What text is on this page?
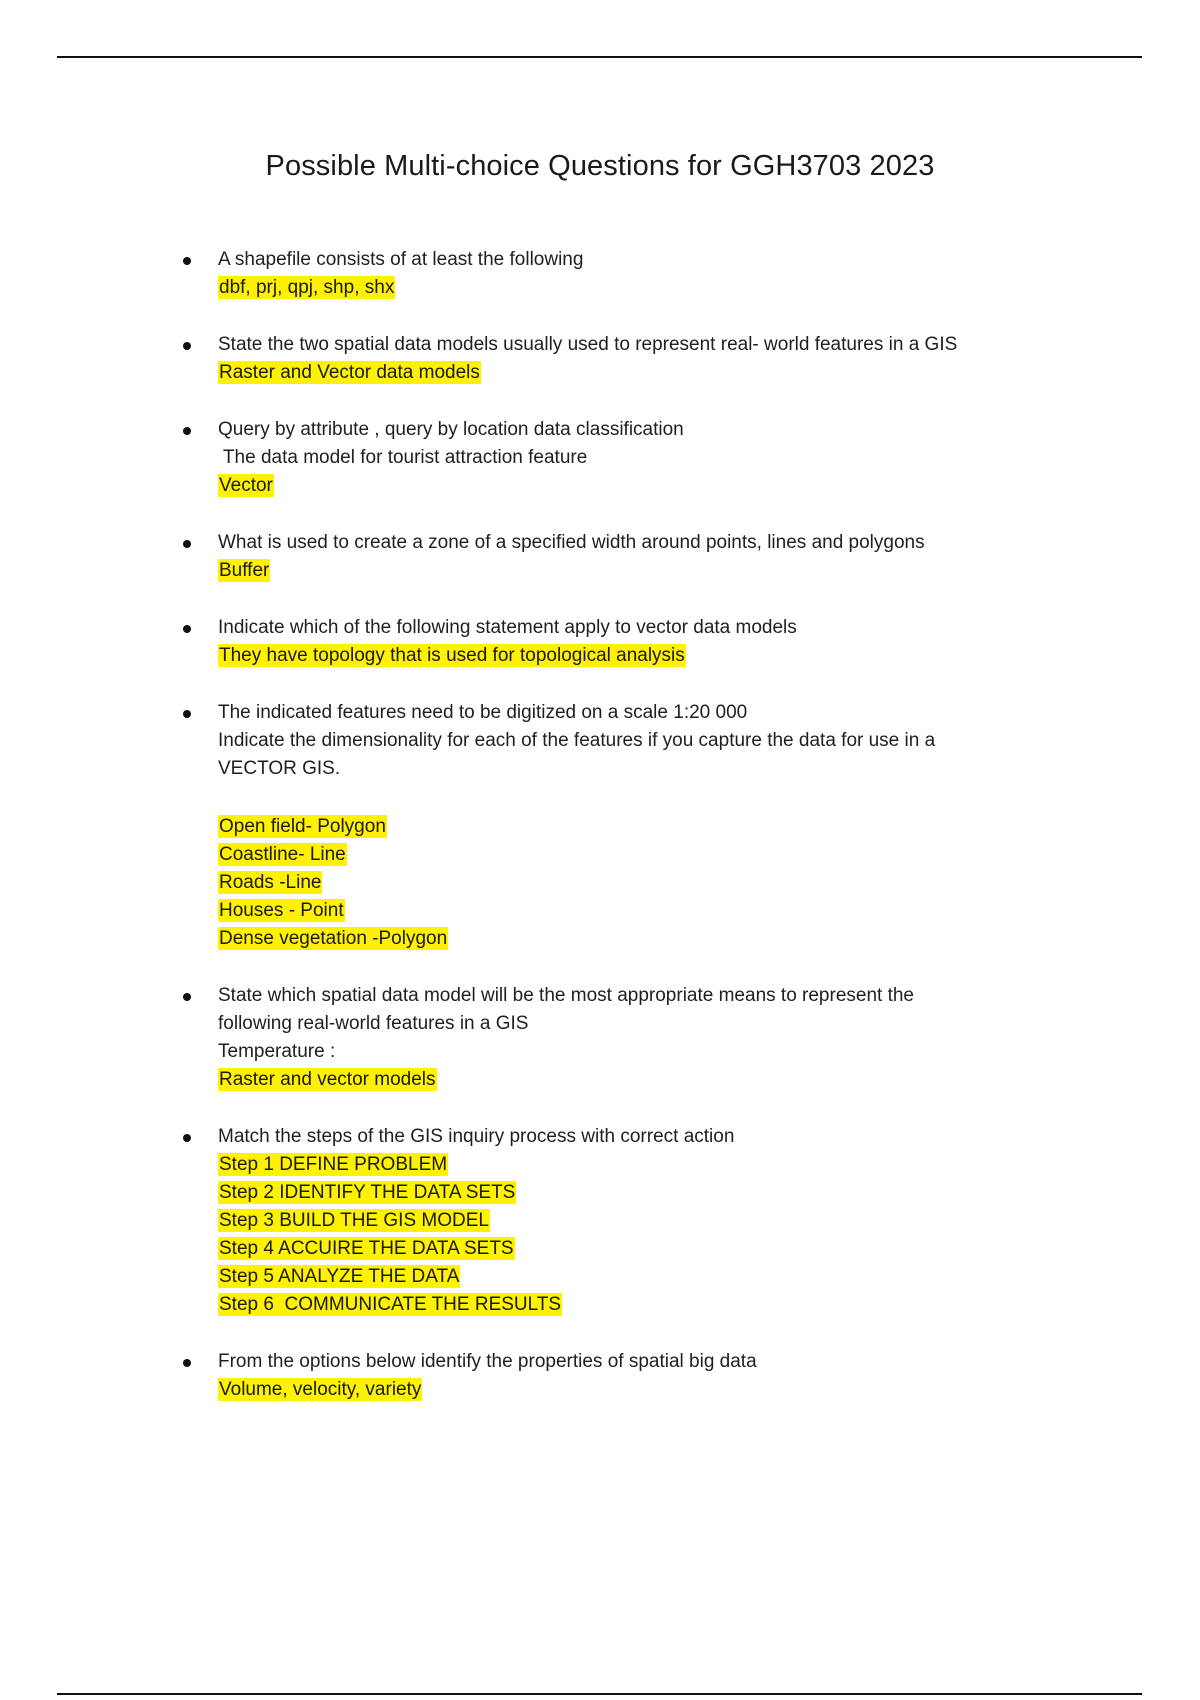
Possible Multi-choice Questions for GGH3703 2023
A shapefile consists of at least the following
dbf, prj, qpj, shp, shx
State the two spatial data models usually used to represent real- world features in a GIS
Raster and Vector data models
Query by attribute , query by location data classification
The data model for tourist attraction feature
Vector
What is used to create a zone of a specified width around points, lines and polygons
Buffer
Indicate which of the following statement apply to vector data models
They have topology that is used for topological analysis
The indicated features need to be digitized on a scale 1:20 000
Indicate the dimensionality for each of the features if you capture the data for use in a
VECTOR GIS.
Open field- Polygon
Coastline- Line
Roads -Line
Houses - Point
Dense vegetation -Polygon
State which spatial data model will be the most appropriate means to represent the
following real-world features in a GIS
Temperature :
Raster and vector models
Match the steps of the GIS inquiry process with correct action
Step 1 DEFINE PROBLEM
Step 2 IDENTIFY THE DATA SETS
Step 3 BUILD THE GIS MODEL
Step 4 ACCUIRE THE DATA SETS
Step 5 ANALYZE THE DATA
Step 6  COMMUNICATE THE RESULTS
From the options below identify the properties of spatial big data
Volume, velocity, variety
